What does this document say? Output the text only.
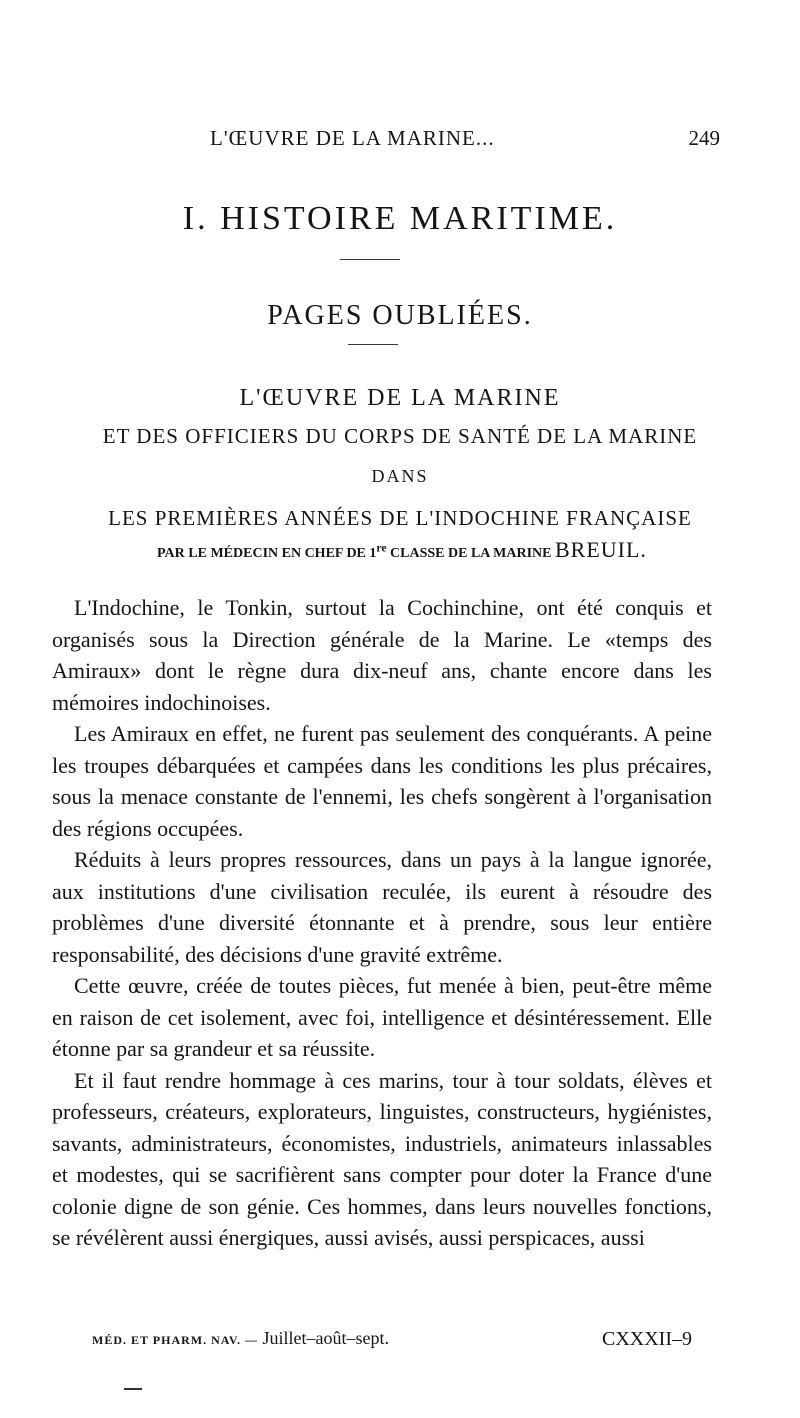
L'ŒUVRE DE LA MARINE...	249
I. HISTOIRE MARITIME.
PAGES OUBLIÉES.
L'ŒUVRE DE LA MARINE
ET DES OFFICIERS DU CORPS DE SANTÉ DE LA MARINE
DANS
LES PREMIÈRES ANNÉES DE L'INDOCHINE FRANÇAISE
PAR LE MÉDECIN EN CHEF DE 1re CLASSE DE LA MARINE BREUIL.

L'Indochine, le Tonkin, surtout la Cochinchine, ont été conquis et organisés sous la Direction générale de la Marine. Le «temps des Amiraux» dont le règne dura dix-neuf ans, chante encore dans les mémoires indochinoises.

Les Amiraux en effet, ne furent pas seulement des conquérants. A peine les troupes débarquées et campées dans les conditions les plus précaires, sous la menace constante de l'ennemi, les chefs songèrent à l'organisation des régions occupées.

Réduits à leurs propres ressources, dans un pays à la langue ignorée, aux institutions d'une civilisation reculée, ils eurent à résoudre des problèmes d'une diversité étonnante et à prendre, sous leur entière responsabilité, des décisions d'une gravité extrême.

Cette œuvre, créée de toutes pièces, fut menée à bien, peut-être même en raison de cet isolement, avec foi, intelligence et désintéressement. Elle étonne par sa grandeur et sa réussite.

Et il faut rendre hommage à ces marins, tour à tour soldats, élèves et professeurs, créateurs, explorateurs, linguistes, constructeurs, hygiénistes, savants, administrateurs, économistes, industriels, animateurs inlassables et modestes, qui se sacrifièrent sans compter pour doter la France d'une colonie digne de son génie. Ces hommes, dans leurs nouvelles fonctions, se révélèrent aussi énergiques, aussi avisés, aussi perspicaces, aussi

MÉD. ET PHARM. NAV. — Juillet–août–sept.	CXXXII–9
